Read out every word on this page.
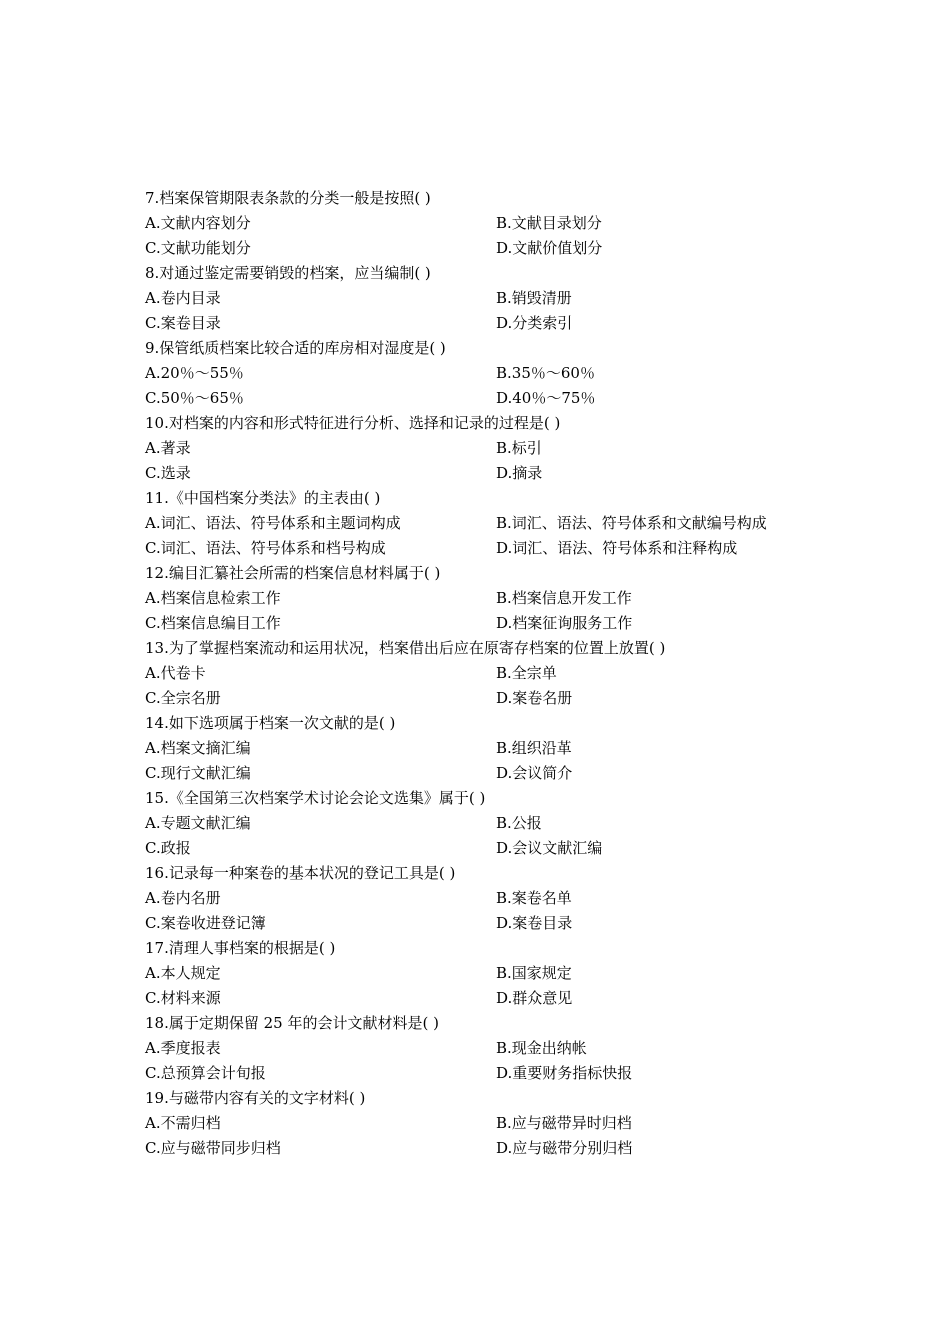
7.档案保管期限表条款的分类一般是按照( )
A.文献内容划分	B.文献目录划分
C.文献功能划分	D.文献价值划分
8.对通过鉴定需要销毁的档案，应当编制( )
A.卷内目录	B.销毁清册
C.案卷目录	D.分类索引
9.保管纸质档案比较合适的库房相对湿度是( )
A.20％～55％	B.35％～60％
C.50％～65％	D.40％～75％
10.对档案的内容和形式特征进行分析、选择和记录的过程是( )
A.著录	B.标引
C.选录	D.摘录
11.《中国档案分类法》的主表由( )
A.词汇、语法、符号体系和主题词构成	B.词汇、语法、符号体系和文献编号构成
C.词汇、语法、符号体系和档号构成	D.词汇、语法、符号体系和注释构成
12.编目汇纂社会所需的档案信息材料属于( )
A.档案信息检索工作	B.档案信息开发工作
C.档案信息编目工作	D.档案征询服务工作
13.为了掌握档案流动和运用状况，档案借出后应在原寄存档案的位置上放置( )
A.代卷卡	B.全宗单
C.全宗名册	D.案卷名册
14.如下选项属于档案一次文献的是( )
A.档案文摘汇编	B.组织沿革
C.现行文献汇编	D.会议简介
15.《全国第三次档案学术讨论会论文选集》属于( )
A.专题文献汇编	B.公报
C.政报	D.会议文献汇编
16.记录每一种案卷的基本状况的登记工具是( )
A.卷内名册	B.案卷名单
C.案卷收进登记簿	D.案卷目录
17.清理人事档案的根据是( )
A.本人规定	B.国家规定
C.材料来源	D.群众意见
18.属于定期保留 25 年的会计文献材料是( )
A.季度报表	B.现金出纳帐
C.总预算会计旬报	D.重要财务指标快报
19.与磁带内容有关的文字材料( )
A.不需归档	B.应与磁带异时归档
C.应与磁带同步归档	D.应与磁带分别归档
